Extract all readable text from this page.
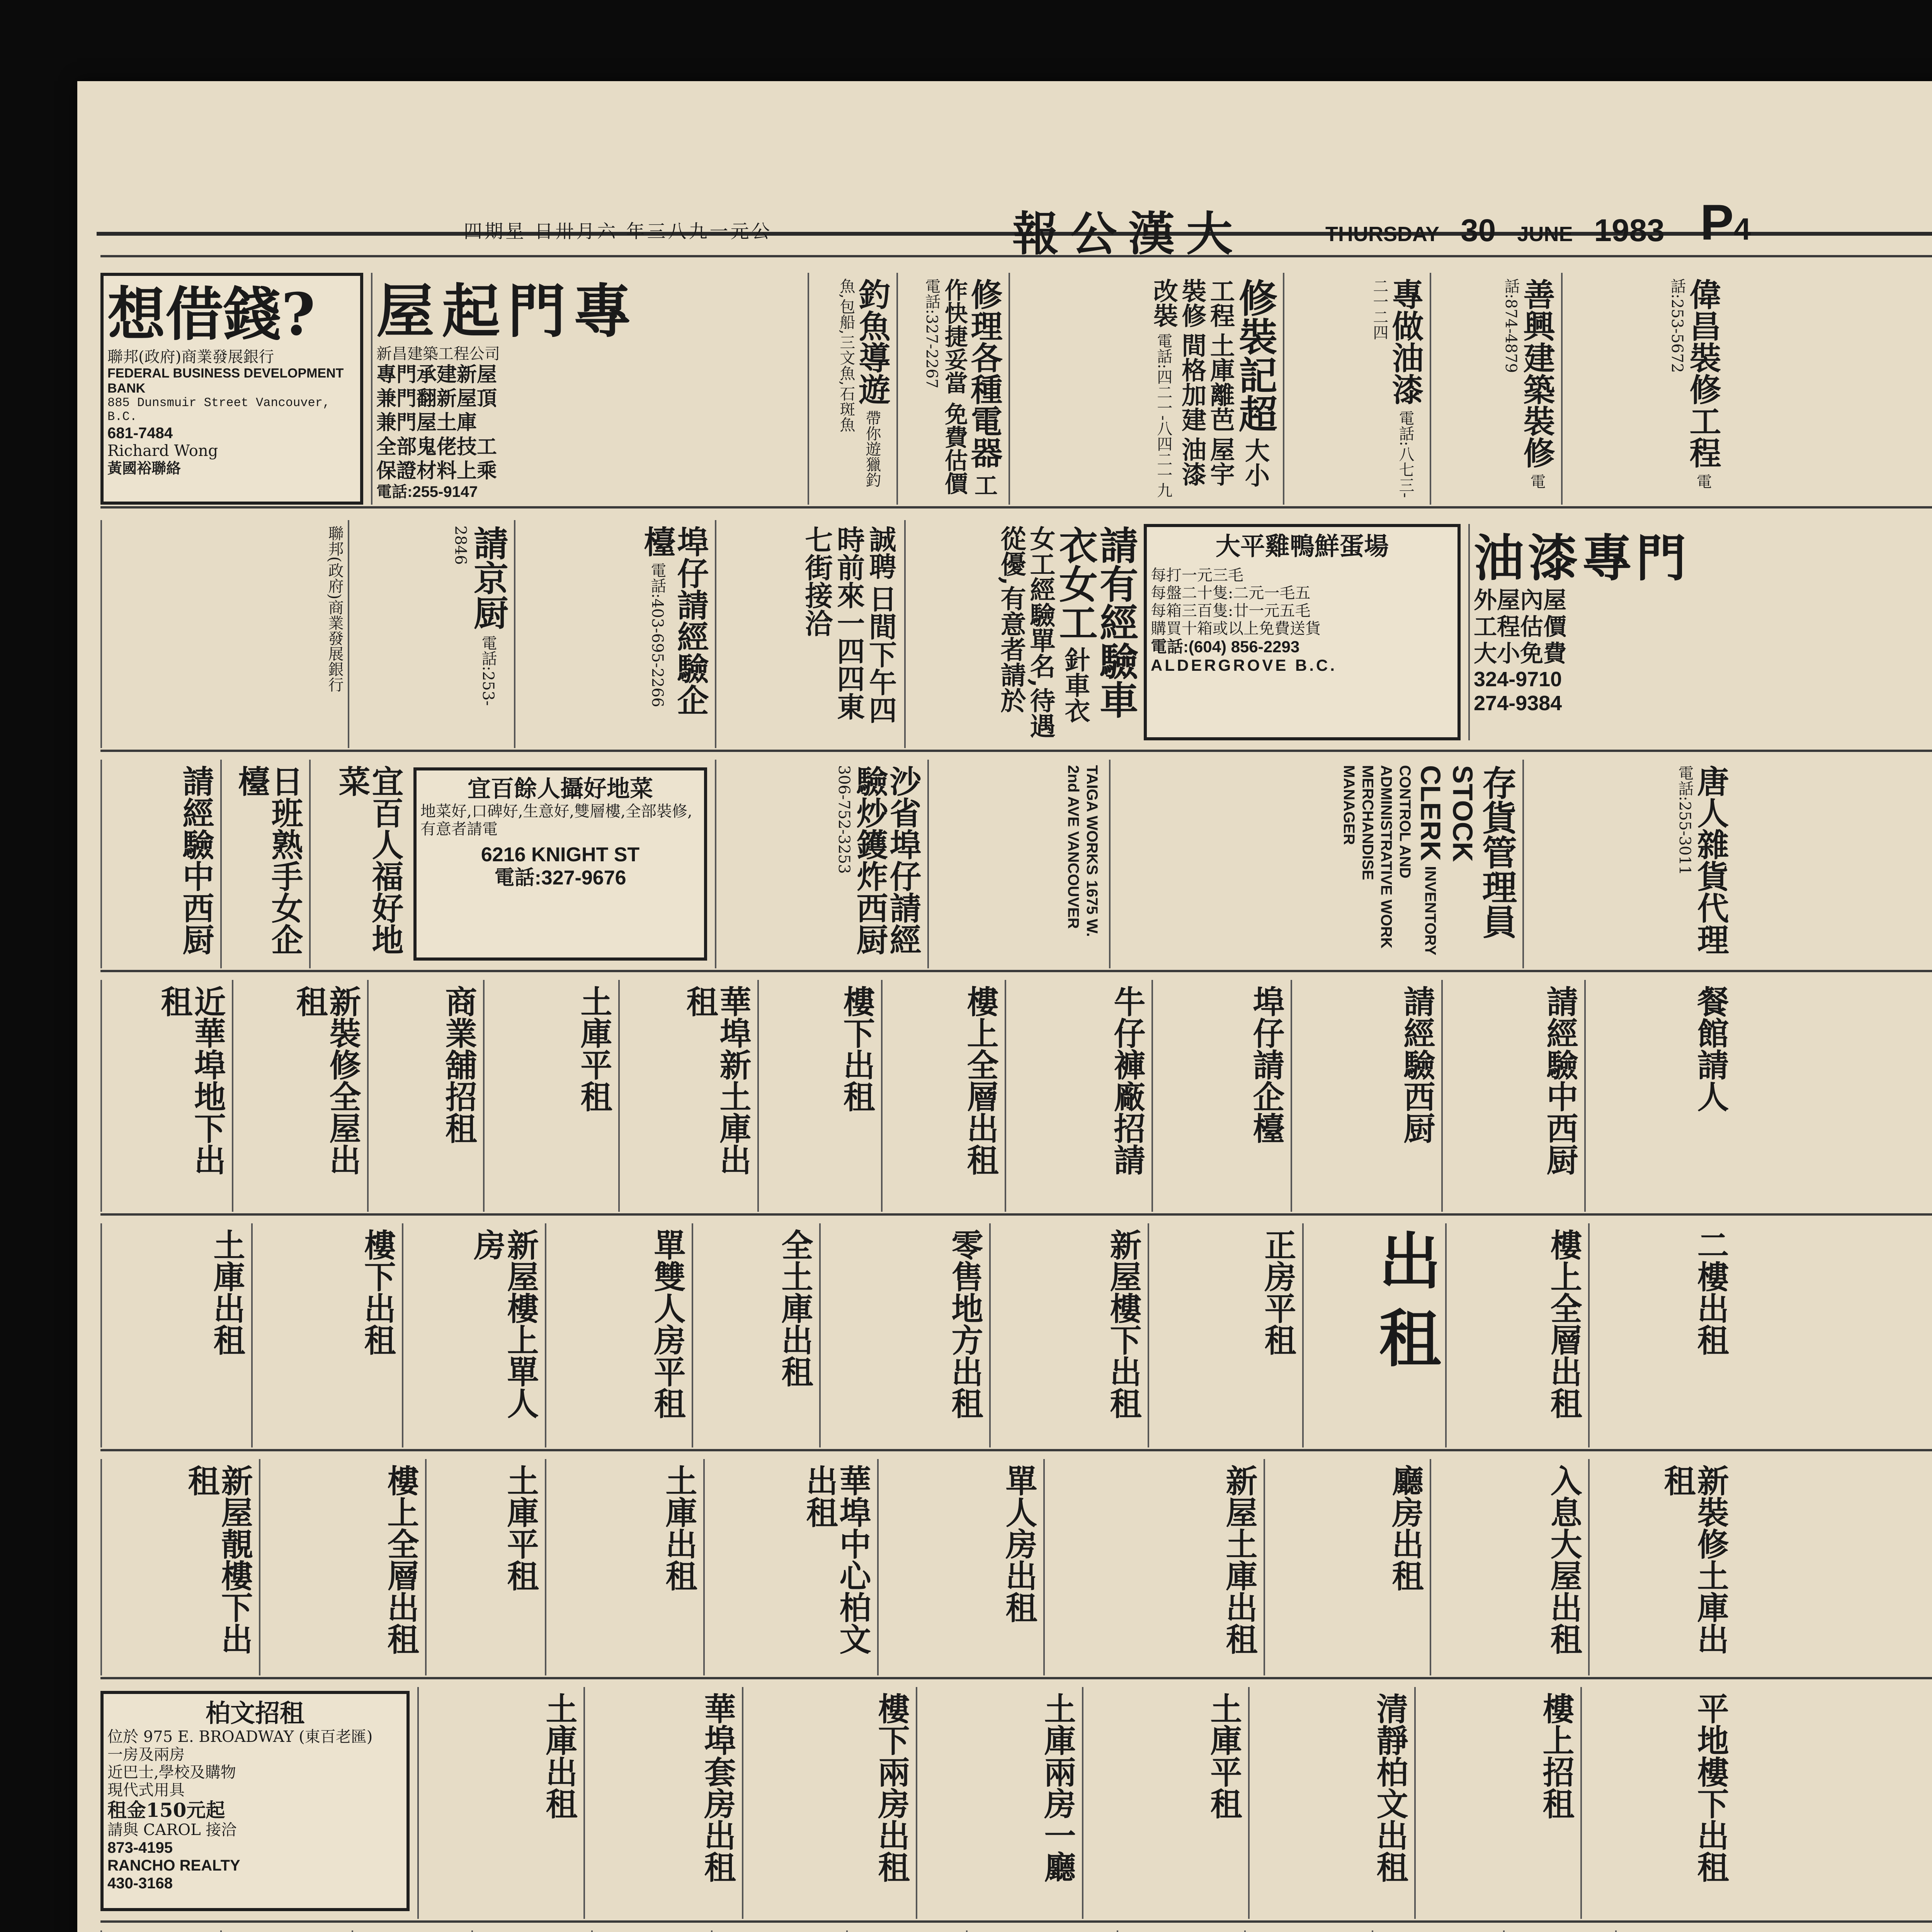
四期星 日卅月六 年三八九一元公	報公漢大	THURSDAY 30 JUNE 1983 P4
想借錢?
聯邦(政府)商業發展銀行
FEDERAL BUSINESS DEVELOPMENT BANK
885 Dunsmuir Street Vancouver, B.C.
681-7484
Richard Wong
黃國裕聯絡
屋起門專
新昌建築工程公司
專門承建新屋
兼門翻新屋頂
兼門屋土庫
全部鬼佬技工
保證材料上乘
電話:255-9147
釣魚導遊 帶你遊獵釣魚,包船,三文魚,石斑魚	修理各種電器 工作快捷妥當 免費估價 電話:327-2267	修裝記超 大小工程 土庫離芭 屋宇裝修 間格加建 油漆改裝 電話:四二一-八四二一九	專做油漆 電話:八七三-二一二四	善興建築裝修 電話:874-4879	偉昌裝修工程 電話:253-5672
聯邦(政府)商業發展銀行	請京厨 電話:253-2846	埠仔請經驗企檯 電話:403-695-2266
誠聘 日間下午四時前來一四四東七街接洽	請有經驗車衣女工 針車衣女工經驗單名,待遇從優,有意者請於	大平雞鴨鮮蛋場
每打一元三毛
每盤二十隻:二元一毛五
每箱三百隻:廿一元五毛
購買十箱或以上免費送貨
電話:(604) 856-2293
ALDERGROVE B.C.
油漆專門
外屋內屋
工程估價
大小免費
324-9710
274-9384
請經驗中西厨	日班熟手女企檯	宜百人福好地菜	宜百餘人攝好地菜
地菜好,口碑好,生意好,雙層樓,全部裝修,有意者請電
6216 KNIGHT ST
電話:327-9676	沙省埠仔請經驗炒鑊炸西厨 306-752-3253	TAIGA WORKS 1675 W. 2nd AVE VANCOUVER	存貨管理員 STOCK CLERK INVENTORY CONTROL AND ADMINISTRATIVE WORK MERCHANDISE MANAGER	唐人雜貨代理 電話:255-3011
近華埠地下出租	新裝修全屋出租	商業舖招租	土庫平租	華埠新土庫出租	樓下出租	樓上全層出租	牛仔褲廠招請	埠仔請企檯	請經驗西厨	請經驗中西厨	餐館請人
土庫出租	樓下出租	新屋樓上單人房	單雙人房平租	全土庫出租	零售地方出租	新屋樓下出租	正房平租	出租	樓上全層出租	二樓出租
新屋靚樓下出租	樓上全層出租	土庫平租	土庫出租	華埠中心柏文出租	單人房出租	新屋土庫出租	廳房出租	入息大屋出租	新裝修土庫出租
柏文招租
位於 975 E. BROADWAY (東百老匯)
一房及兩房
近巴士,學校及購物
現代式用具
租金150元起
請與 CAROL 接洽
873-4195
RANCHO REALTY
430-3168
土庫出租	華埠套房出租	樓下兩房出租	土庫兩房一廳	土庫平租	清靜柏文出租	樓上招租	平地樓下出租
